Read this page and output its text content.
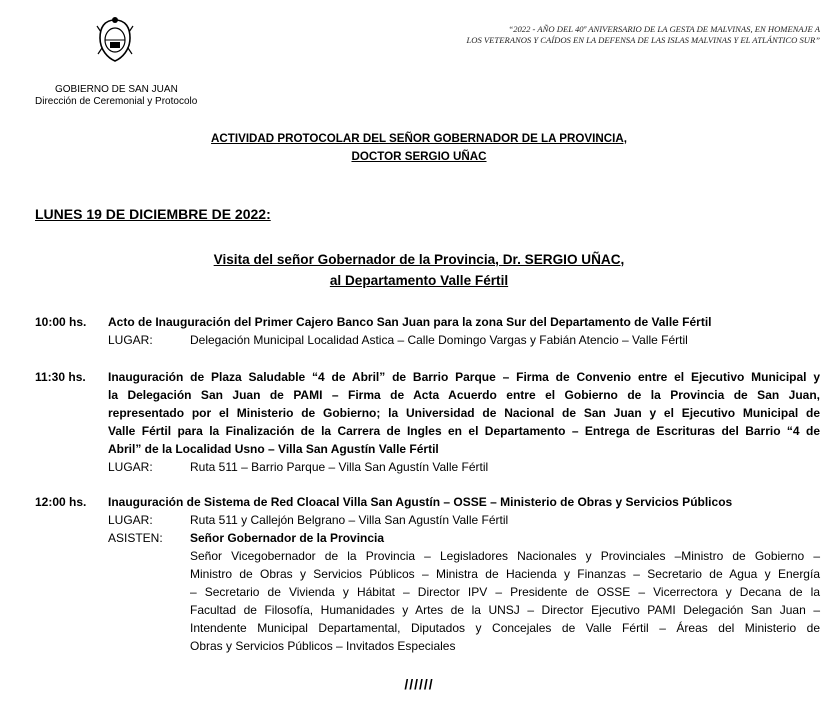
GOBIERNO DE SAN JUAN
Dirección de Ceremonial y Protocolo
“2022 - AÑO DEL 40º ANIVERSARIO DE LA GESTA DE MALVINAS, EN HOMENAJE A
LOS VETERANOS Y CAÍDOS EN LA DEFENSA DE LAS ISLAS MALVINAS Y EL ATLÁNTICO SUR”
ACTIVIDAD PROTOCOLAR DEL SEÑOR GOBERNADOR DE LA PROVINCIA,
DOCTOR SERGIO UÑAC
LUNES 19 DE DICIEMBRE DE 2022:
Visita del señor Gobernador de la Provincia, Dr. SERGIO UÑAC,
al Departamento Valle Fértil
10:00 hs. Acto de Inauguración del Primer Cajero Banco San Juan para la zona Sur del Departamento de Valle Fértil
LUGAR:	Delegación Municipal Localidad Astica – Calle Domingo Vargas y Fabián Atencio – Valle Fértil
11:30 hs. Inauguración de Plaza Saludable “4 de Abril” de Barrio Parque – Firma de Convenio entre el Ejecutivo Municipal y
la Delegación San Juan de PAMI – Firma de Acta Acuerdo entre el Gobierno de la Provincia de San Juan,
representado por el Ministerio de Gobierno; la Universidad de Nacional de San Juan y el Ejecutivo Municipal de
Valle Fértil para la Finalización de la Carrera de Ingles en el Departamento – Entrega de Escrituras del Barrio “4 de
Abril” de la Localidad Usno – Villa San Agustín Valle Fértil
LUGAR:	Ruta 511 – Barrio Parque – Villa San Agustín Valle Fértil
12:00 hs. Inauguración de Sistema de Red Cloacal Villa San Agustín – OSSE – Ministerio de Obras y Servicios Públicos
LUGAR:	Ruta 511 y Callejón Belgrano – Villa San Agustín Valle Fértil
ASISTEN: Señor Gobernador de la Provincia
Señor Vicegobernador de la Provincia – Legisladores Nacionales y Provinciales –Ministro de Gobierno –
Ministro de Obras y Servicios Públicos – Ministra de Hacienda y Finanzas – Secretario de Agua y Energía
– Secretario de Vivienda y Hábitat – Director IPV – Presidente de OSSE – Vicerrectora y Decana de la
Facultad de Filosofía, Humanidades y Artes de la UNSJ – Director Ejecutivo PAMI Delegación San Juan –
Intendente Municipal Departamental, Diputados y Concejales de Valle Fértil – Áreas del Ministerio de
Obras y Servicios Públicos – Invitados Especiales
//////
